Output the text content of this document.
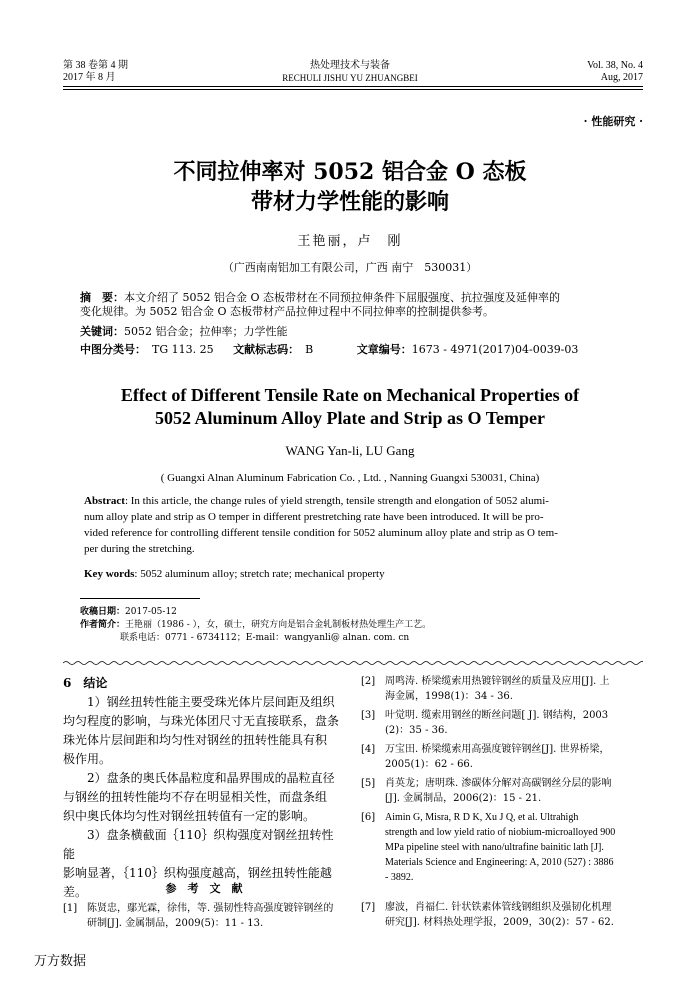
第 38 卷第 4 期
2017 年 8 月
热处理技术与装备
RECHULI JISHU YU ZHUANGBEI
Vol. 38, No. 4
Aug, 2017
· 性能研究 ·
不同拉伸率对 5052 铝合金 O 态板
带材力学性能的影响
王艳丽，卢　刚
（广西南南铝加工有限公司，广西 南宁　530031）
摘　要：本文介绍了 5052 铝合金 O 态板带材在不同预拉伸条件下屈服强度、抗拉强度及延伸率的
变化规律。为 5052 铝合金 O 态板带材产品拉伸过程中不同拉伸率的控制提供参考。
关键词：5052 铝合金；拉伸率；力学性能
中图分类号： TG 113. 25 文献标志码： B	文章编号：1673 - 4971(2017)04-0039-03
Effect of Different Tensile Rate on Mechanical Properties of
5052 Aluminum Alloy Plate and Strip as O Temper
WANG Yan-li, LU Gang
( Guangxi Alnan Aluminum Fabrication Co. , Ltd. , Nanning Guangxi 530031, China)
Abstract: In this article, the change rules of yield strength, tensile strength and elongation of 5052 alumi-
num alloy plate and strip as O temper in different prestretching rate have been introduced. It will be pro-
vided reference for controlling different tensile condition for 5052 aluminum alloy plate and strip as O tem-
per during the stretching.
Key words: 5052 aluminum alloy; stretch rate; mechanical property
收稿日期：2017-05-12
作者简介：王艳丽（1986 - ），女，硕士，研究方向是铝合金轧制板材热处理生产工艺。
联系电话：0771 - 6734112；E-mail：wangyanli@ alnan. com. cn
6　结论
　　1）钢丝扭转性能主要受珠光体片层间距及组织
均匀程度的影响，与珠光体团尺寸无直接联系，盘条
珠光体片层间距和均匀性对钢丝的扭转性能具有积
极作用。
　　2）盘条的奥氏体晶粒度和晶界围成的晶粒直径
与钢丝的扭转性能均不存在明显相关性，而盘条组
织中奥氏体均匀性对钢丝扭转值有一定的影响。
　　3）盘条横截面｛110｝织构强度对钢丝扭转性能
影响显著，｛110｝织构强度越高，钢丝扭转性能越差。	参　考　文　献
[1] 陈贤忠，鄢光霖，徐伟，等. 强韧性特高强度镀锌钢丝的
研制[J]. 金属制品，2009(5)：11 - 13.
[2] 周鸣涛. 桥梁缆索用热镀锌钢丝的质量及应用[J]. 上
海金属，1998(1)：34 - 36.
[3] 叶觉明. 缆索用钢丝的断丝问题[ J]. 钢结构，2003
(2)：35 - 36.
[4] 万宝田. 桥梁缆索用高强度镀锌钢丝[J]. 世界桥梁，
2005(1)：62 - 66.
[5] 肖英龙；唐明珠. 渗碳体分解对高碳钢丝分层的影响
[J]. 金属制品，2006(2)：15 - 21.
[6] Aimin G, Misra, R D K, Xu J Q, et al. Ultrahigh
strength and low yield ratio of niobium-microalloyed 900
MPa pipeline steel with nano/ultrafine bainitic lath [J].
Materials Science and Engineering: A, 2010 (527) : 3886
- 3892.
[7] 廖波，肖福仁. 针状铁素体管线钢组织及强韧化机理
研究[J]. 材料热处理学报，2009，30(2)：57 - 62.
万方数据
